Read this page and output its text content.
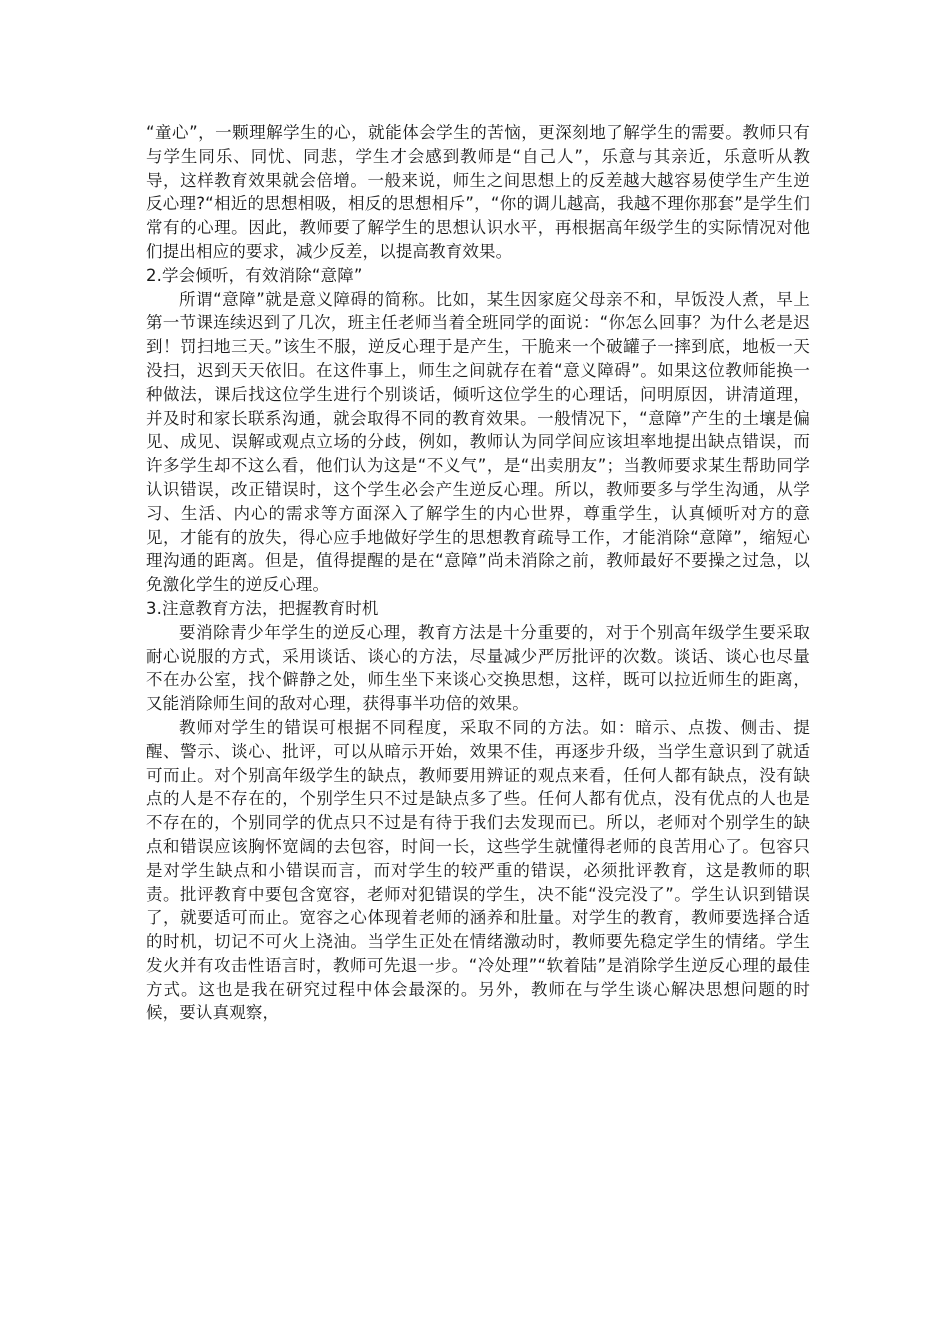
“童心”，一颗理解学生的心，就能体会学生的苦恼，更深刻地了解学生的需要。教师只有与学生同乐、同忧、同悲，学生才会感到教师是“自己人”，乐意与其亲近，乐意听从教导，这样教育效果就会倍增。一般来说，师生之间思想上的反差越大越容易使学生产生逆反心理?“相近的思想相吸，相反的思想相斥”，“你的调儿越高，我越不理你那套”是学生们常有的心理。因此，教师要了解学生的思想认识水平，再根据高年级学生的实际情况对他们提出相应的要求，减少反差，以提高教育效果。

2.学会倾听，有效消除“意障”

所谓“意障”就是意义障碍的简称。比如，某生因家庭父母亲不和，早饭没人煮，早上第一节课连续迟到了几次，班主任老师当着全班同学的面说：“你怎么回事？为什么老是迟到！罚扫地三天。”该生不服，逆反心理于是产生，干脆来一个破罐子一摔到底，地板一天没扫，迟到天天依旧。在这件事上，师生之间就存在着“意义障碍”。如果这位教师能换一种做法，课后找这位学生进行个别谈话，倾听这位学生的心理话，问明原因，讲清道理，并及时和家长联系沟通，就会取得不同的教育效果。一般情况下，“意障”产生的土壤是偏见、成见、误解或观点立场的分歧，例如，教师认为同学间应该坦率地提出缺点错误，而许多学生却不这么看，他们认为这是“不义气”，是“出卖朋友”；当教师要求某生帮助同学认识错误，改正错误时，这个学生必会产生逆反心理。所以，教师要多与学生沟通，从学习、生活、内心的需求等方面深入了解学生的内心世界，尊重学生，认真倾听对方的意见，才能有的放失，得心应手地做好学生的思想教育疏导工作，才能消除“意障”，缩短心理沟通的距离。但是，值得提醒的是在“意障”尚未消除之前，教师最好不要操之过急，以免激化学生的逆反心理。

3.注意教育方法，把握教育时机

要消除青少年学生的逆反心理，教育方法是十分重要的，对于个别高年级学生要采取耐心说服的方式，采用谈话、谈心的方法，尽量减少严厉批评的次数。谈话、谈心也尽量不在办公室，找个僻静之处，师生坐下来谈心交换思想，这样，既可以拉近师生的距离，又能消除师生间的敌对心理，获得事半功倍的效果。

教师对学生的错误可根据不同程度，采取不同的方法。如：暗示、点拨、侧击、提醒、警示、谈心、批评，可以从暗示开始，效果不佳，再逐步升级，当学生意识到了就适可而止。对个别高年级学生的缺点，教师要用辨证的观点来看，任何人都有缺点，没有缺点的人是不存在的，个别学生只不过是缺点多了些。任何人都有优点，没有优点的人也是不存在的，个别同学的优点只不过是有待于我们去发现而已。所以，老师对个别学生的缺点和错误应该胸怀宽阔的去包容，时间一长，这些学生就懂得老师的良苦用心了。包容只是对学生缺点和小错误而言，而对学生的较严重的错误，必须批评教育，这是教师的职责。批评教育中要包含宽容，老师对犯错误的学生，决不能“没完没了”。学生认识到错误了，就要适可而止。宽容之心体现着老师的涵养和肚量。对学生的教育，教师要选择合适的时机，切记不可火上浇油。当学生正处在情绪激动时，教师要先稳定学生的情绪。学生发火并有攻击性语言时，教师可先退一步。“冷处理”“软着陆”是消除学生逆反心理的最佳方式。这也是我在研究过程中体会最深的。另外，教师在与学生谈心解决思想问题的时候，要认真观察，
